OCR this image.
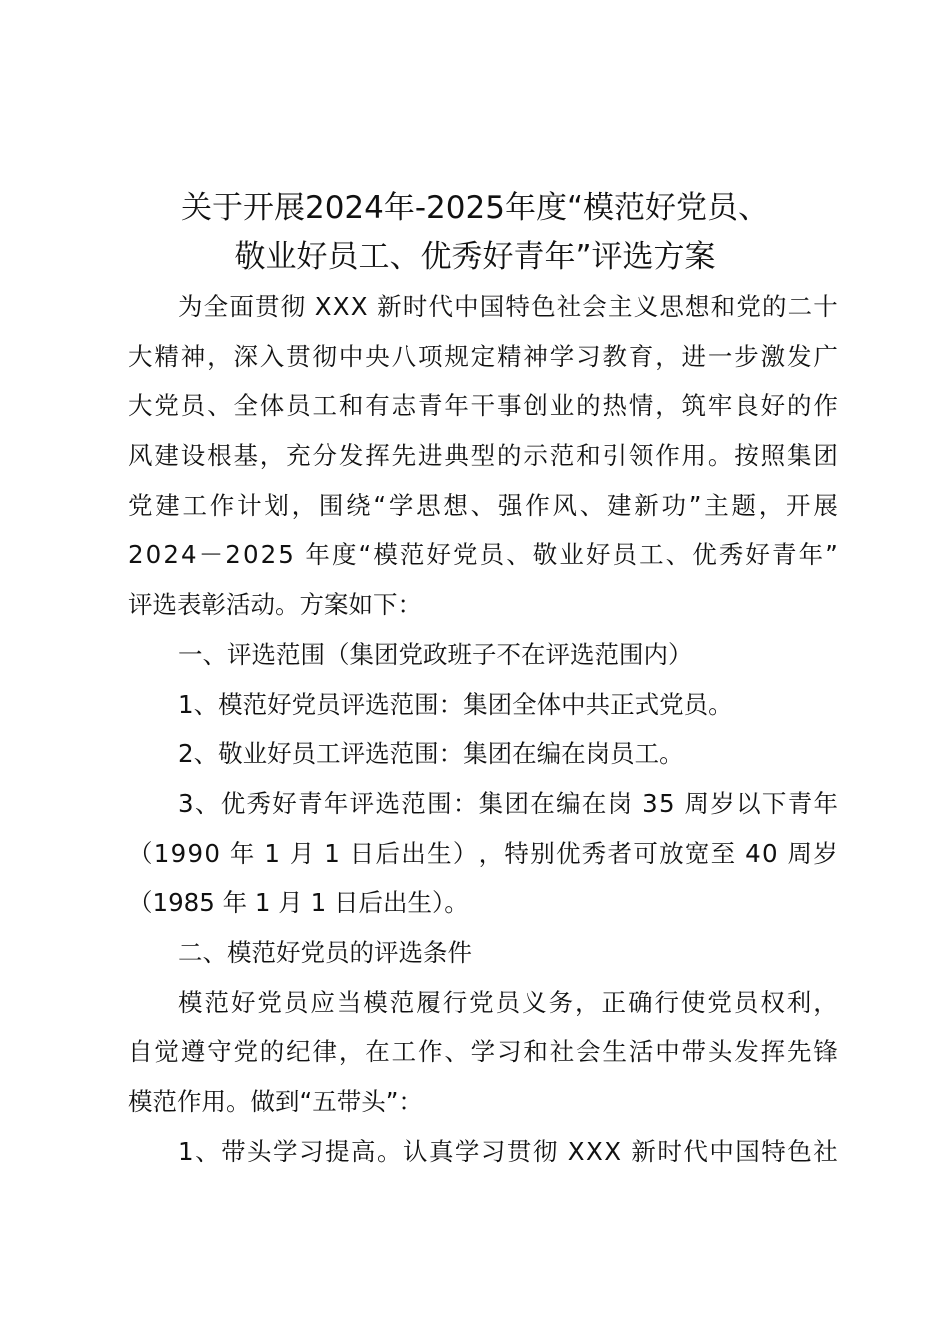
关于开展2024年-2025年度“模范好党员、
敬业好员工、优秀好青年”评选方案
为 全 面 贯 彻
X X X
新 时 代 中 国 特 色 社 会 主 义 思 想 和 党 的 二 十
大 精 神 ， 深 入 贯 彻 中 央 八 项 规 定 精 神 学 习 教 育 ， 进 一 步 激 发 广
大 党 员 、 全 体 员 工 和 有 志 青 年 干 事 创 业 的 热 情 ， 筑 牢 良 好 的 作
风 建 设 根 基 ， 充 分 发 挥 先 进 典 型 的 示 范 和 引 领 作 用 。 按 照 集 团
党 建 工 作 计 划 ， 围 绕 “ 学 思 想 、 强 作 风 、 建 新 功 ” 主 题 ， 开 展
2 0 2 4 － 2 0 2 5
年 度 “ 模 范 好 党 员 、 敬 业 好 员 工 、 优 秀 好 青 年 ”
评选表彰活动。方案如下：
一、评选范围（集团党政班子不在评选范围内）
1、模范好党员评选范围：集团全体中共正式党员。
2、敬业好员工评选范围：集团在编在岗员工。
3 、 优 秀 好 青 年 评 选 范 围 ： 集 团 在 编 在 岗
3 5
周 岁 以 下 青 年
（ 1 9 9 0
年
1
月
1
日 后 出 生 ） ， 特 别 优 秀 者 可 放 宽 至
4 0
周 岁
（1985 年 1 月 1 日后出生）。
二、模范好党员的评选条件
模 范 好 党 员 应 当 模 范 履 行 党 员 义 务 ， 正 确 行 使 党 员 权 利 ，
自 觉 遵 守 党 的 纪 律 ， 在 工 作 、 学 习 和 社 会 生 活 中 带 头 发 挥 先 锋
模范作用。做到“五带头”：
1 、 带 头 学 习 提 高 。 认 真 学 习 贯 彻
X X X
新 时 代 中 国 特 色 社
